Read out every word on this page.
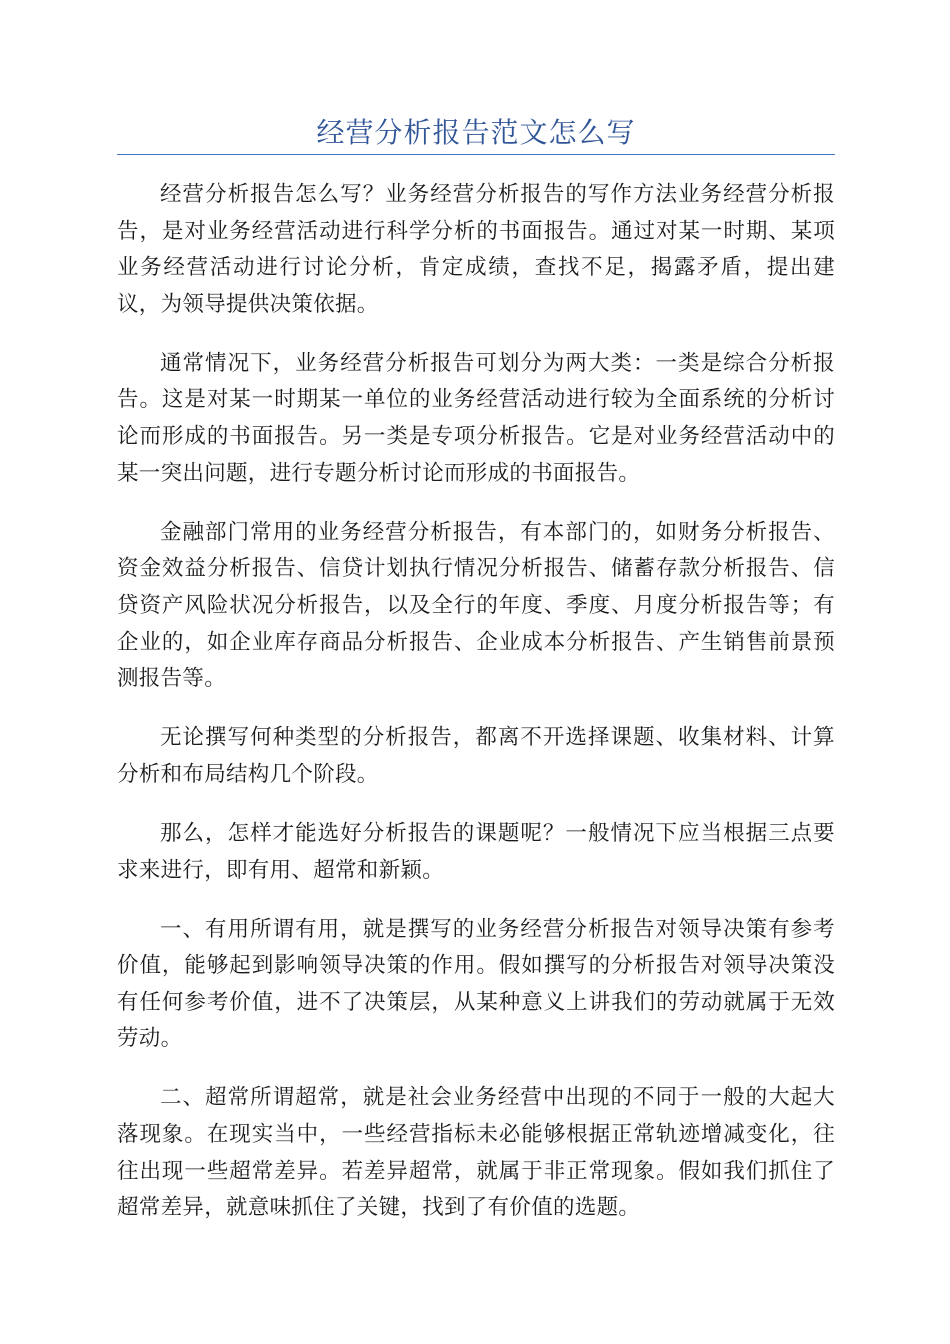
经营分析报告范文怎么写

经营分析报告怎么写？业务经营分析报告的写作方法业务经营分析报告，是对业务经营活动进行科学分析的书面报告。通过对某一时期、某项业务经营活动进行讨论分析，肯定成绩，查找不足，揭露矛盾，提出建议，为领导提供决策依据。

通常情况下，业务经营分析报告可划分为两大类：一类是综合分析报告。这是对某一时期某一单位的业务经营活动进行较为全面系统的分析讨论而形成的书面报告。另一类是专项分析报告。它是对业务经营活动中的某一突出问题，进行专题分析讨论而形成的书面报告。

金融部门常用的业务经营分析报告，有本部门的，如财务分析报告、资金效益分析报告、信贷计划执行情况分析报告、储蓄存款分析报告、信贷资产风险状况分析报告，以及全行的年度、季度、月度分析报告等；有企业的，如企业库存商品分析报告、企业成本分析报告、产生销售前景预测报告等。

无论撰写何种类型的分析报告，都离不开选择课题、收集材料、计算分析和布局结构几个阶段。

那么，怎样才能选好分析报告的课题呢？一般情况下应当根据三点要求来进行，即有用、超常和新颖。

一、有用所谓有用，就是撰写的业务经营分析报告对领导决策有参考价值，能够起到影响领导决策的作用。假如撰写的分析报告对领导决策没有任何参考价值，进不了决策层，从某种意义上讲我们的劳动就属于无效劳动。

二、超常所谓超常，就是社会业务经营中出现的不同于一般的大起大落现象。在现实当中，一些经营指标未必能够根据正常轨迹增减变化，往往出现一些超常差异。若差异超常，就属于非正常现象。假如我们抓住了超常差异，就意味抓住了关键，找到了有价值的选题。
